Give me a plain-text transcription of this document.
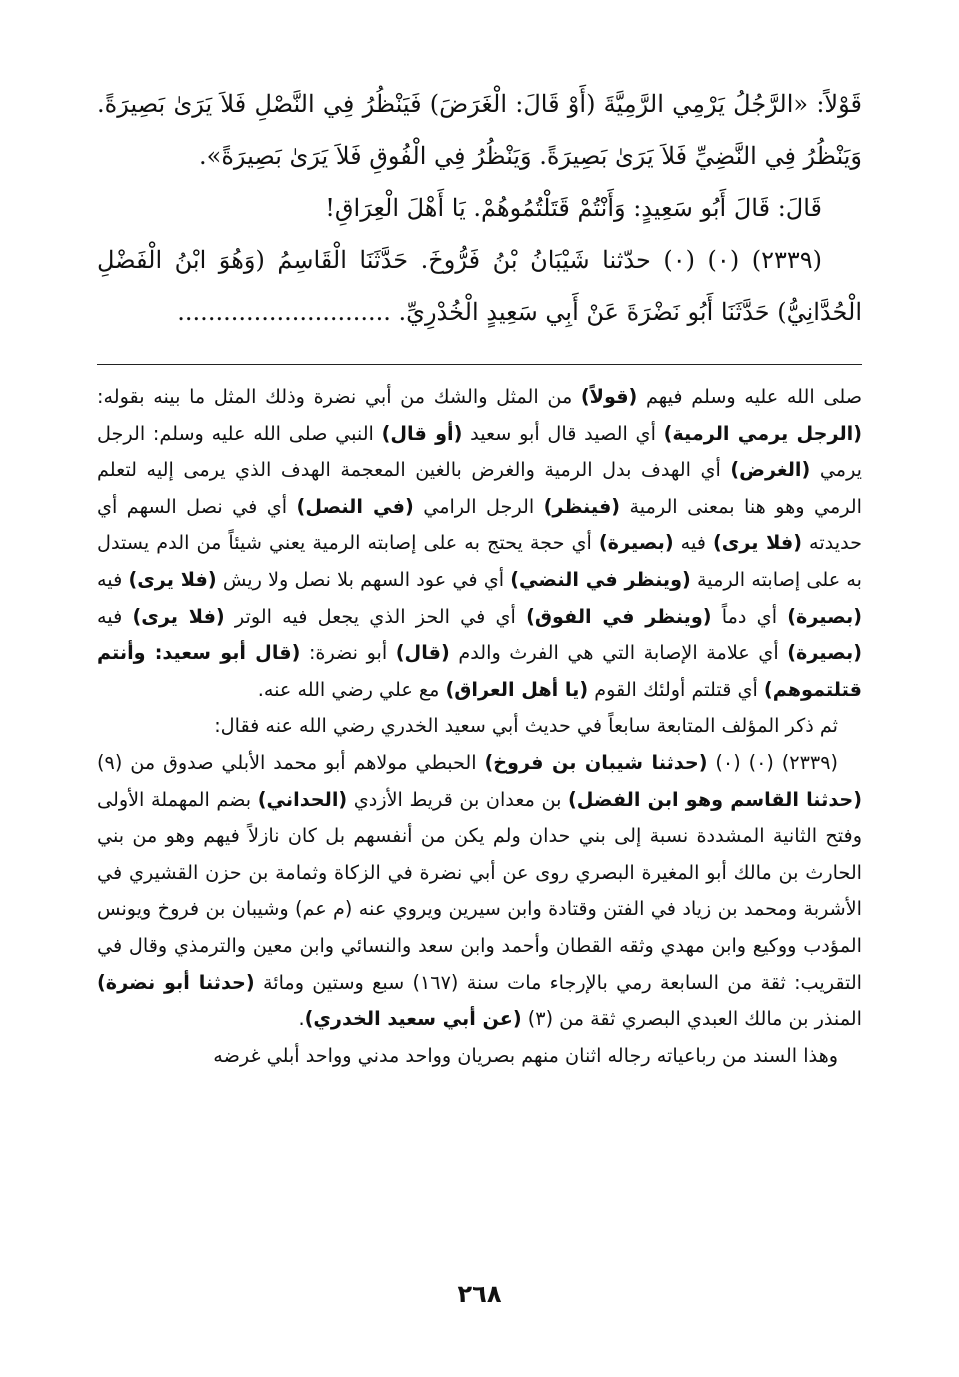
قَوْلاً: «الرَّجُلُ يَرْمِي الرَّمِيَّةَ (أَوْ قَالَ: الْغَرَضَ) فَيَنْظُرُ فِي النَّصْلِ فَلاَ يَرَىٰ بَصِيرَةً. وَيَنْظُرُ فِي النَّضِيِّ فَلاَ يَرَىٰ بَصِيرَةً. وَيَنْظُرُ فِي الْفُوقِ فَلاَ يَرَىٰ بَصِيرَةً».

قَالَ: قَالَ أَبُو سَعِيدٍ: وَأَنْتُمْ قَتَلْتُمُوهُمْ. يَا أَهْلَ الْعِرَاقِ!

(٢٣٣٩) (٠) (٠) حدّثنا شَيْبَانُ بْنُ فَرُّوخَ. حَدَّثَنَا الْقَاسِمُ (وَهُوَ ابْنُ الْفَضْلِ الْحُدَّانِيُّ) حَدَّثَنَا أَبُو نَضْرَةَ عَنْ أَبِي سَعِيدٍ الْخُدْرِيِّ. ............................

صلى الله عليه وسلم فيهم (قولاً) من المثل والشك من أبي نضرة وذلك المثل ما بينه بقوله: (الرجل يرمي الرمية) أي الصيد قال أبو سعيد (أو قال) النبي صلى الله عليه وسلم: الرجل يرمي (الغرض) أي الهدف بدل الرمية والغرض بالغين المعجمة الهدف الذي يرمى إليه لتعلم الرمي وهو هنا بمعنى الرمية (فينظر) الرجل الرامي (في النصل) أي في نصل السهم أي حديدته (فلا يرى) فيه (بصيرة) أي حجة يحتج به على إصابته الرمية يعني شيئاً من الدم يستدل به على إصابته الرمية (وينظر في النضي) أي في عود السهم بلا نصل ولا ريش (فلا يرى) فيه (بصيرة) أي دماً (وينظر في الفوق) أي في الحز الذي يجعل فيه الوتر (فلا يرى) فيه (بصيرة) أي علامة الإصابة التي هي الفرث والدم (قال) أبو نضرة: (قال أبو سعيد: وأنتم قتلتموهم) أي قتلتم أولئك القوم (يا أهل العراق) مع علي رضي الله عنه.

ثم ذكر المؤلف المتابعة سابعاً في حديث أبي سعيد الخدري رضي الله عنه فقال:

(٢٣٣٩) (٠) (٠) (حدثنا شيبان بن فروخ) الحبطي مولاهم أبو محمد الأبلي صدوق من (٩) (حدثنا القاسم وهو ابن الفضل) بن معدان بن قريط الأزدي (الحداني) بضم المهملة الأولى وفتح الثانية المشددة نسبة إلى بني حدان ولم يكن من أنفسهم بل كان نازلاً فيهم وهو من بني الحارث بن مالك أبو المغيرة البصري روى عن أبي نضرة في الزكاة وثمامة بن حزن القشيري في الأشربة ومحمد بن زياد في الفتن وقتادة وابن سيرين ويروي عنه (م عم) وشيبان بن فروخ ويونس المؤدب ووكيع وابن مهدي وثقه القطان وأحمد وابن سعد والنسائي وابن معين والترمذي وقال في التقريب: ثقة من السابعة رمي بالإرجاء مات سنة (١٦٧) سبع وستين ومائة (حدثنا أبو نضرة) المنذر بن مالك العبدي البصري ثقة من (٣) (عن أبي سعيد الخدري).

وهذا السند من رباعياته رجاله اثنان منهم بصريان وواحد مدني وواحد أبلي غرضه

٢٦٨
